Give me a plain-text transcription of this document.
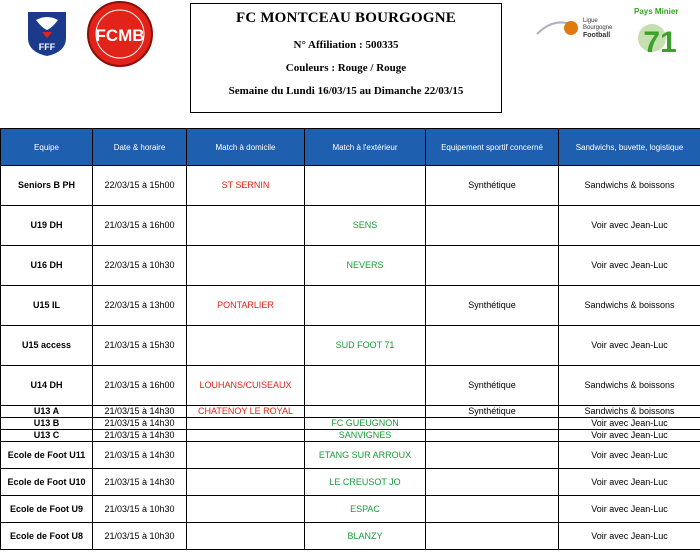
FFF
FCMB
Ligue
Bourgogne
Football
Pays Minier
71
FC MONTCEAU BOURGOGNE
N° Affiliation : 500335
Couleurs : Rouge / Rouge
Semaine du Lundi 16/03/15 au Dimanche 22/03/15
Equipe	Date & horaire	Match à domicile	Match à l'extérieur	Equipement sportif concerné	Sandwichs, buvette, logistique
Seniors B PH	22/03/15 à 15h00	ST SERNIN		Synthétique	Sandwichs & boissons
U19 DH	21/03/15 à 16h00		SENS		Voir avec Jean-Luc
U16 DH	22/03/15 à 10h30		NEVERS		Voir avec Jean-Luc
U15 IL	22/03/15 à 13h00	PONTARLIER		Synthétique	Sandwichs & boissons
U15 access	21/03/15 à 15h30		SUD FOOT 71		Voir avec Jean-Luc
U14 DH	21/03/15 à 16h00	LOUHANS/CUISEAUX		Synthétique	Sandwichs & boissons
U13 A	21/03/15 à 14h30	CHATENOY LE ROYAL		Synthétique	Sandwichs & boissons
U13 B	21/03/15 à 14h30		FC GUEUGNON		Voir avec Jean-Luc
U13 C	21/03/15 à 14h30		SANVIGNES		Voir avec Jean-Luc
Ecole de Foot U11	21/03/15 à 14h30		ETANG SUR ARROUX		Voir avec Jean-Luc
Ecole de Foot U10	21/03/15 à 14h30		LE CREUSOT JO		Voir avec Jean-Luc
Ecole de Foot U9	21/03/15 à 10h30		ESPAC		Voir avec Jean-Luc
Ecole de Foot U8	21/03/15 à 10h30		BLANZY		Voir avec Jean-Luc
